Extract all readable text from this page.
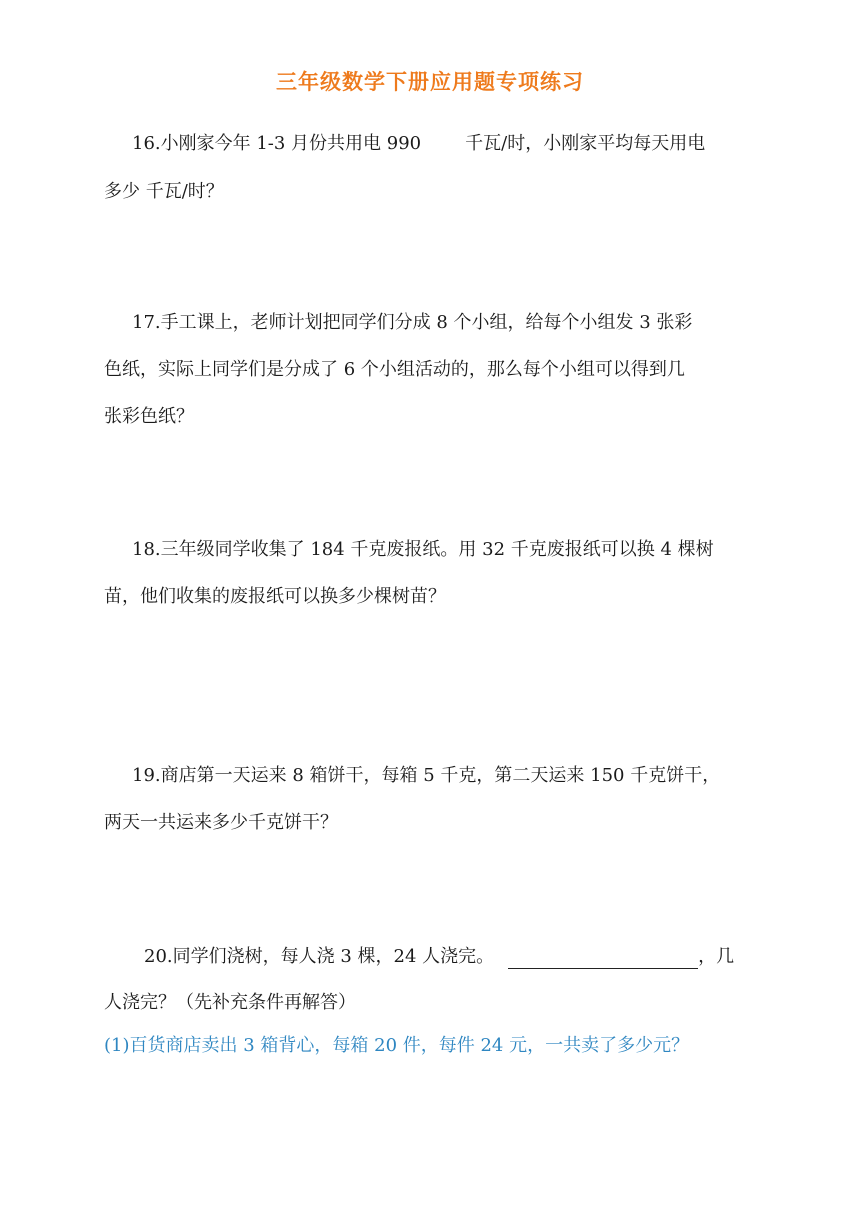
三年级数学下册应用题专项练习
16.小刚家今年 1-3 月份共用电 990 千瓦/时，小刚家平均每天用电
多少 千瓦/时？
17.手工课上，老师计划把同学们分成 8 个小组，给每个小组发 3 张彩
色纸，实际上同学们是分成了 6 个小组活动的，那么每个小组可以得到几
张彩色纸？
18.三年级同学收集了 184 千克废报纸。用 32 千克废报纸可以换 4 棵树
苗，他们收集的废报纸可以换多少棵树苗？
19.商店第一天运来 8 箱饼干，每箱 5 千克，第二天运来 150 千克饼干，
两天一共运来多少千克饼干？
20.同学们浇树，每人浇 3 棵，24 人浇完。	，几
人浇完？（先补充条件再解答）
(1)百货商店卖出 3 箱背心，每箱 20 件，每件 24 元，一共卖了多少元？
